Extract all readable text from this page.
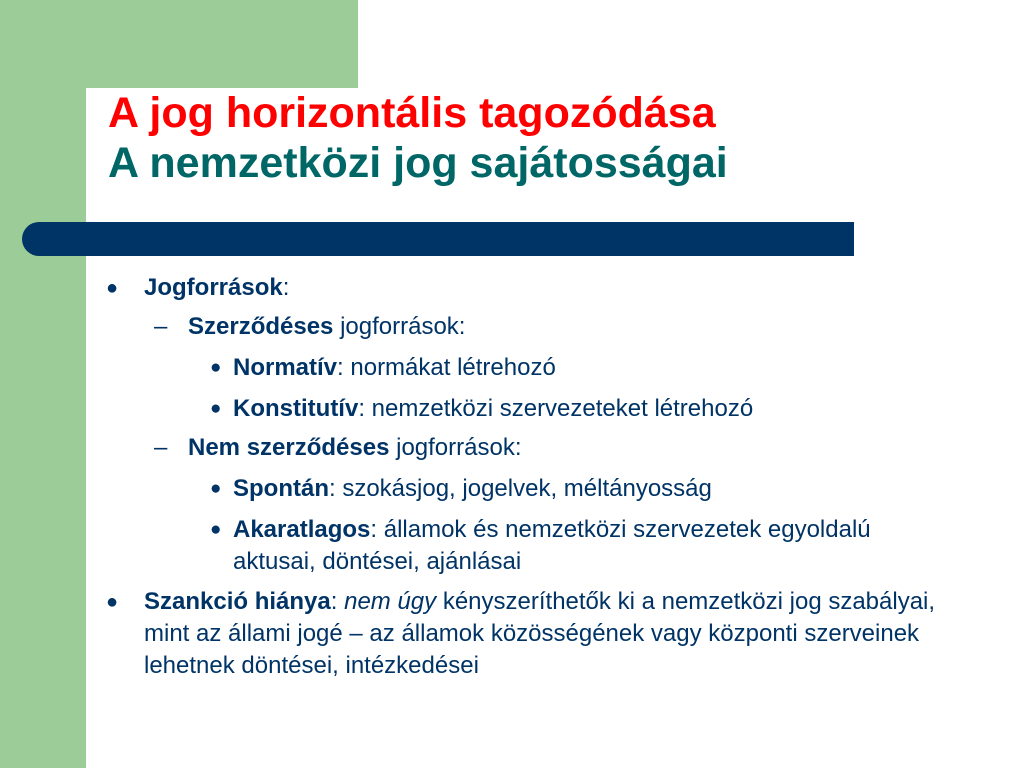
A jog horizontális tagozódása
A nemzetközi jog sajátosságai
● Jogforrások:
– Szerződéses jogforrások:
● Normatív: normákat létrehozó
● Konstitutív: nemzetközi szervezeteket létrehozó
– Nem szerződéses jogforrások:
● Spontán: szokásjog, jogelvek, méltányosság
● Akaratlagos: államok és nemzetközi szervezetek egyoldalú aktusai, döntései, ajánlásai
● Szankció hiánya: nem úgy kényszeríthetők ki a nemzetközi jog szabályai, mint az állami jogé – az államok közösségének vagy központi szerveinek lehetnek döntései, intézkedései
